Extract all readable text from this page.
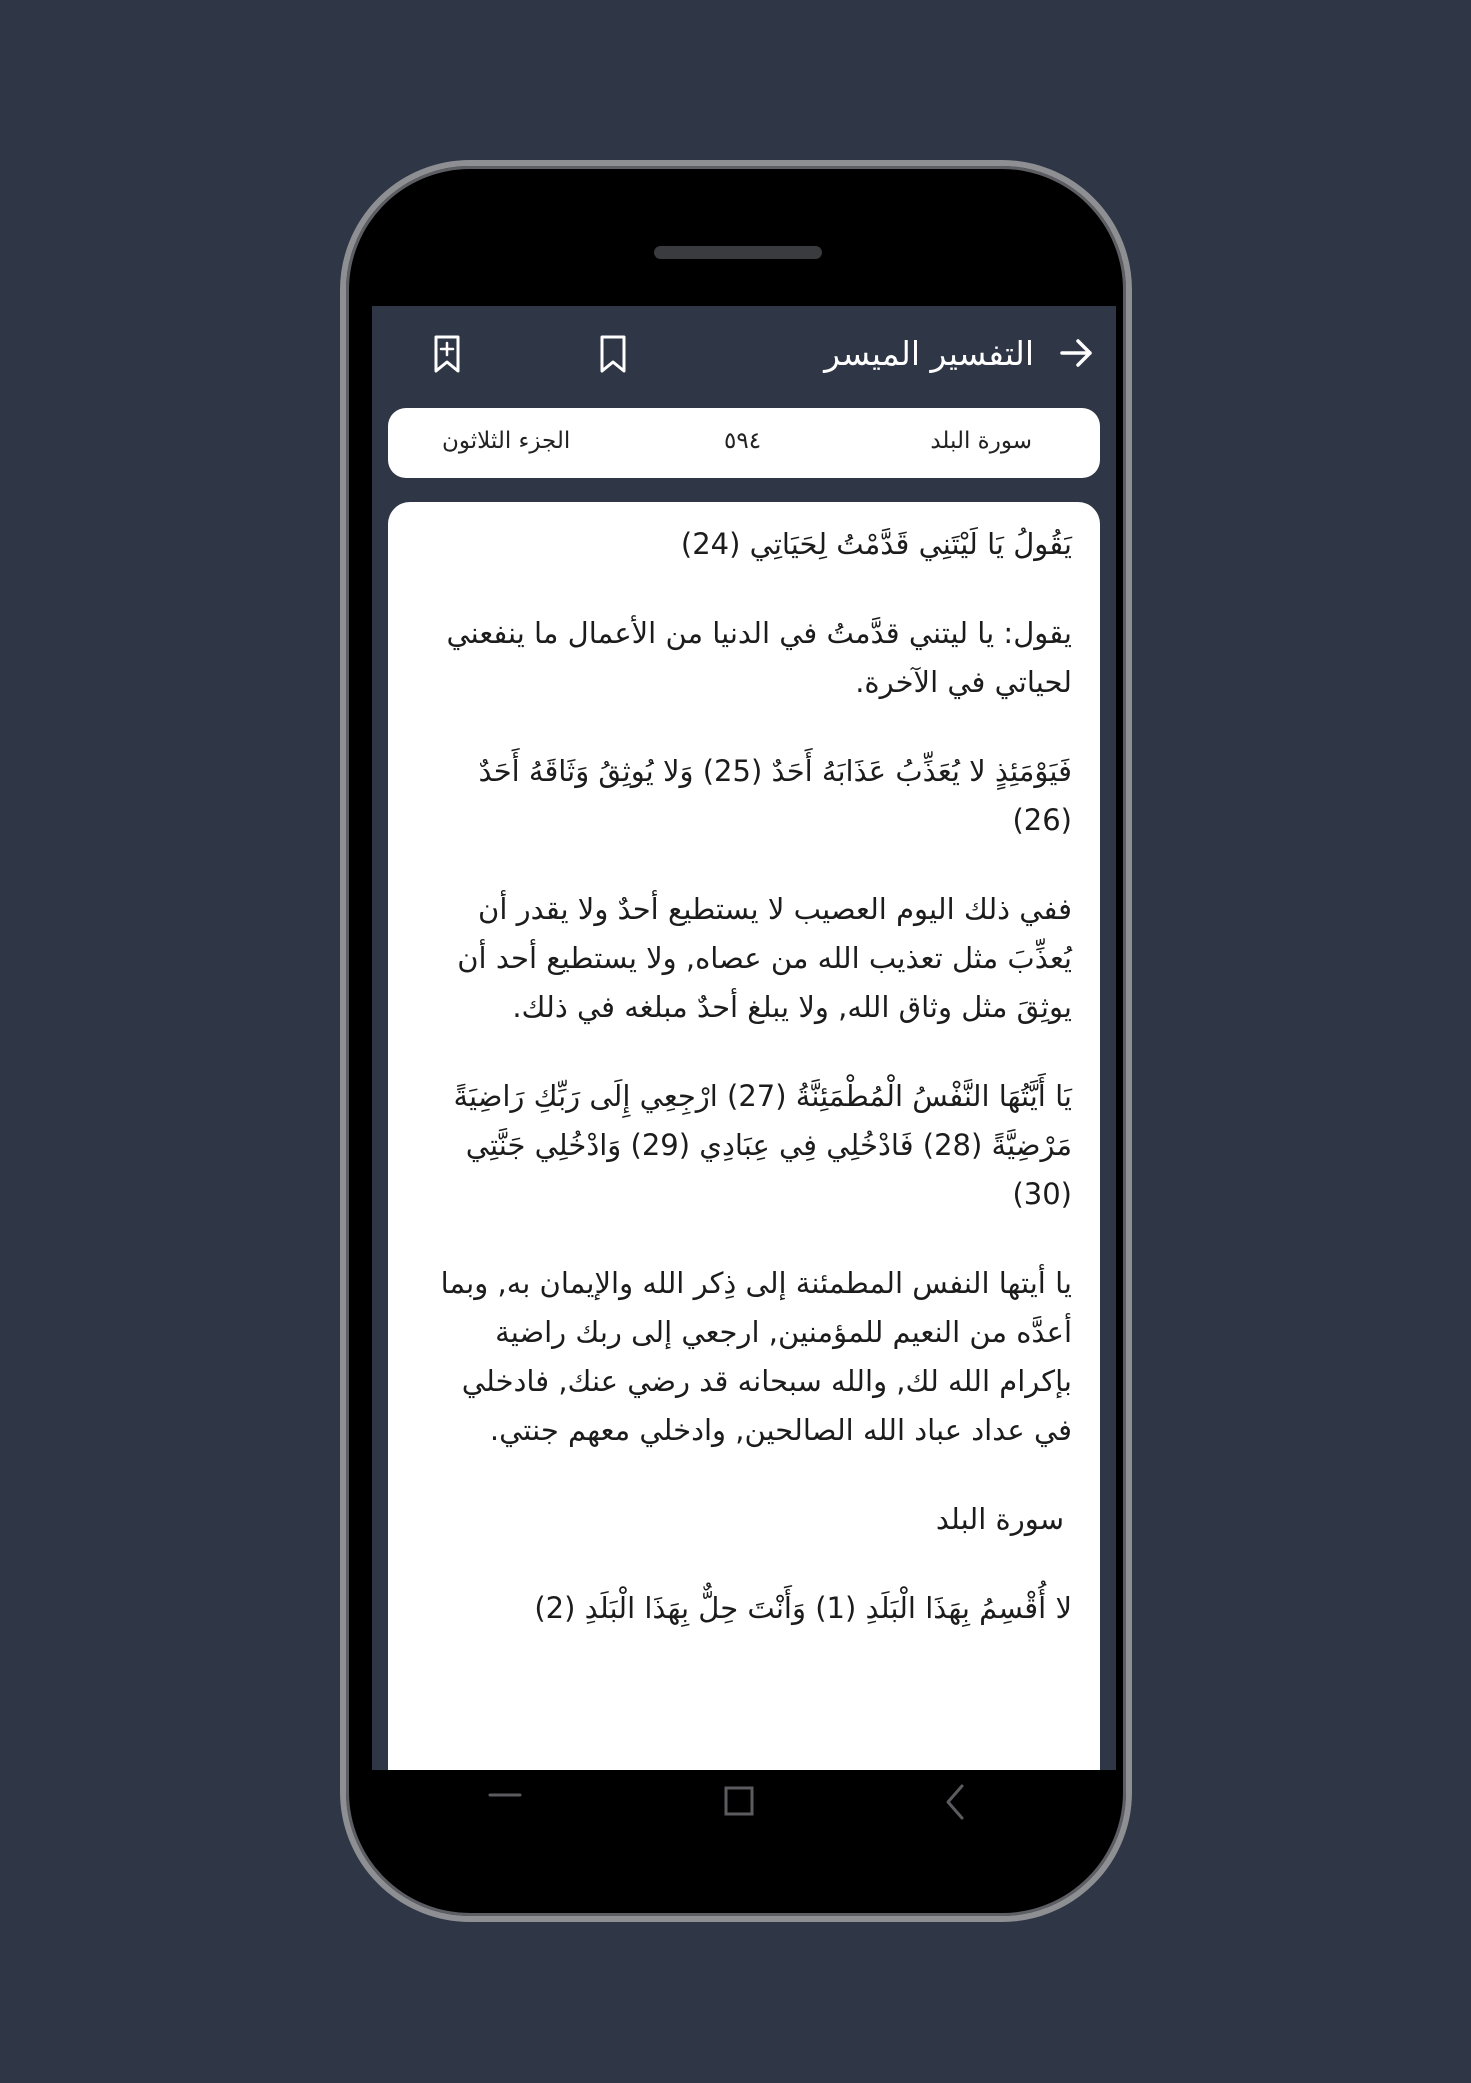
التفسير الميسر
سورة البلد
٥٩٤
الجزء الثلاثون

يَقُولُ يَا لَيْتَنِي قَدَّمْتُ لِحَيَاتِي (24)

يقول: يا ليتني قدَّمتُ في الدنيا من الأعمال ما ينفعني لحياتي في الآخرة.

فَيَوْمَئِذٍ لا يُعَذِّبُ عَذَابَهُ أَحَدٌ (25) وَلا يُوثِقُ وَثَاقَهُ أَحَدٌ (26)

ففي ذلك اليوم العصيب لا يستطيع أحدٌ ولا يقدر أن يُعذِّبَ مثل تعذيب الله من عصاه, ولا يستطيع أحد أن يوثِقَ مثل وثاق الله, ولا يبلغ أحدٌ مبلغه في ذلك.

يَا أَيَّتُهَا النَّفْسُ الْمُطْمَئِنَّةُ (27) ارْجِعِي إِلَى رَبِّكِ رَاضِيَةً مَرْضِيَّةً (28) فَادْخُلِي فِي عِبَادِي (29) وَادْخُلِي جَنَّتِي (30)

يا أيتها النفس المطمئنة إلى ذِكر الله والإيمان به, وبما أعدَّه من النعيم للمؤمنين, ارجعي إلى ربك راضية بإكرام الله لك, والله سبحانه قد رضي عنك, فادخلي في عداد عباد الله الصالحين, وادخلي معهم جنتي.

سورة البلد

لا أُقْسِمُ بِهَذَا الْبَلَدِ (1) وَأَنْتَ حِلٌّ بِهَذَا الْبَلَدِ (2)
